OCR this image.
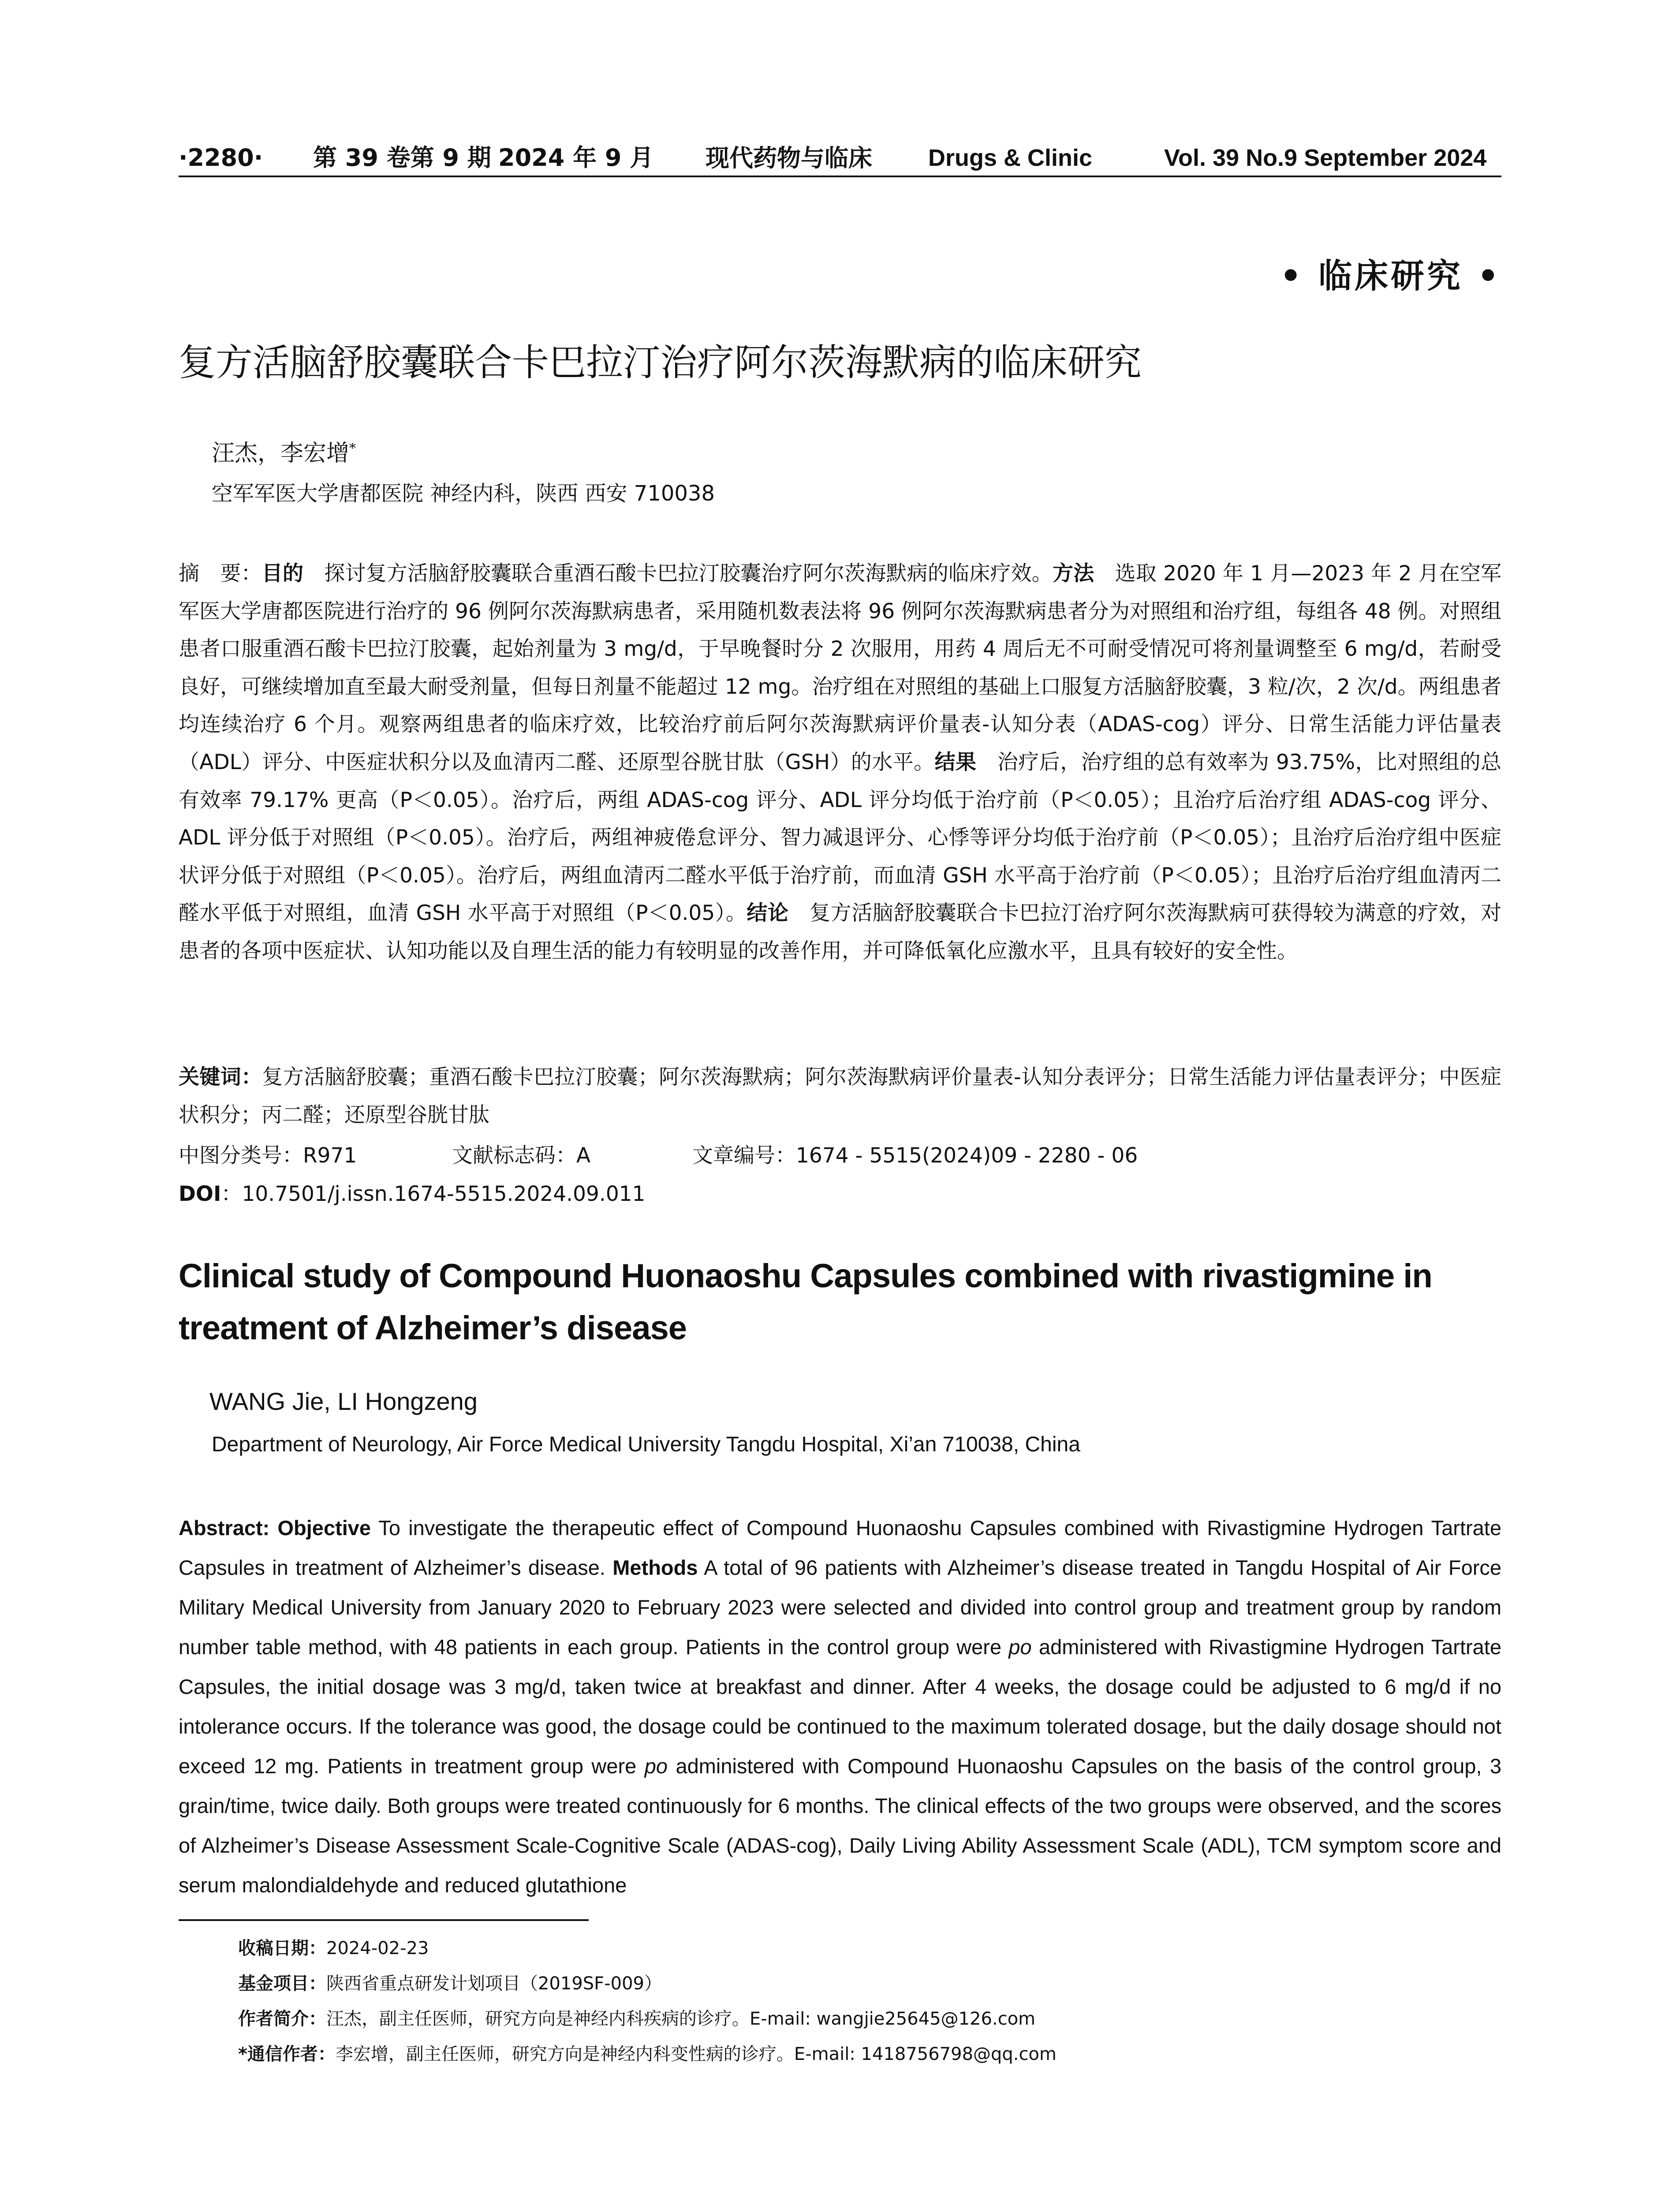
·2280· 第 39 卷第 9 期 2024 年 9 月 现代药物与临床 Drugs & Clinic	Vol. 39 No.9 September 2024
• 临床研究 •
复方活脑舒胶囊联合卡巴拉汀治疗阿尔茨海默病的临床研究
汪杰，李宏增*
空军军医大学唐都医院 神经内科，陕西 西安 710038
摘　要：目的　 探讨复方活脑舒胶囊联合重酒石酸卡巴拉汀胶囊治疗阿尔茨海默病的临床疗效。方法　 选取 2020 年 1 月—2023 年 2 月在空军军医大学唐都医院进行治疗的 96 例阿尔茨海默病患者，采用随机数表法将 96 例阿尔茨海默病患者分为对照组和治疗组，每组各 48 例。对照组患者口服重酒石酸卡巴拉汀胶囊，起始剂量为 3 mg/d，于早晚餐时分 2 次服用，用药 4 周后无不可耐受情况可将剂量调整至 6 mg/d，若耐受良好，可继续增加直至最大耐受剂量，但每日剂量不能超过 12 mg。治疗组在对照组的基础上口服复方活脑舒胶囊，3 粒/次，2 次/d。两组患者均连续治疗 6 个月。观察两组患者的临床疗效，比较治疗前后阿尔茨海默病评价量表-认知分表（ADAS-cog）评分、日常生活能力评估量表（ADL）评分、中医症状积分以及血清丙二醛、还原型谷胱甘肽（GSH）的水平。结果　 治疗后，治疗组的总有效率为 93.75%，比对照组的总有效率 79.17% 更高（P＜0.05）。治疗后，两组 ADAS-cog 评分、ADL 评分均低于治疗前（P＜0.05）；且治疗后治疗组 ADAS-cog 评分、ADL 评分低于对照组（P＜0.05）。治疗后，两组神疲倦怠评分、智力减退评分、心悸等评分均低于治疗前（P＜0.05）；且治疗后治疗组中医症状评分低于对照组（P＜0.05）。治疗后，两组血清丙二醛水平低于治疗前，而血清 GSH 水平高于治疗前（P＜0.05）；且治疗后治疗组血清丙二醛水平低于对照组，血清 GSH 水平高于对照组（P＜0.05）。结论　 复方活脑舒胶囊联合卡巴拉汀治疗阿尔茨海默病可获得较为满意的疗效，对患者的各项中医症状、认知功能以及自理生活的能力有较明显的改善作用，并可降低氧化应激水平，且具有较好的安全性。
关键词：复方活脑舒胶囊；重酒石酸卡巴拉汀胶囊；阿尔茨海默病；阿尔茨海默病评价量表-认知分表评分；日常生活能力评估量表评分；中医症状积分；丙二醛；还原型谷胱甘肽
中图分类号：R971	文献标志码：A	文章编号：1674 - 5515(2024)09 - 2280 - 06
DOI：10.7501/j.issn.1674-5515.2024.09.011
Clinical study of Compound Huonaoshu Capsules combined with rivastigmine in treatment of Alzheimer’s disease
WANG Jie, LI Hongzeng
Department of Neurology, Air Force Medical University Tangdu Hospital, Xi’an 710038, China
Abstract: Objective To investigate the therapeutic effect of Compound Huonaoshu Capsules combined with Rivastigmine Hydrogen Tartrate Capsules in treatment of Alzheimer’s disease. Methods A total of 96 patients with Alzheimer’s disease treated in Tangdu Hospital of Air Force Military Medical University from January 2020 to February 2023 were selected and divided into control group and treatment group by random number table method, with 48 patients in each group. Patients in the control group were po administered with Rivastigmine Hydrogen Tartrate Capsules, the initial dosage was 3 mg/d, taken twice at breakfast and dinner. After 4 weeks, the dosage could be adjusted to 6 mg/d if no intolerance occurs. If the tolerance was good, the dosage could be continued to the maximum tolerated dosage, but the daily dosage should not exceed 12 mg. Patients in treatment group were po administered with Compound Huonaoshu Capsules on the basis of the control group, 3 grain/time, twice daily. Both groups were treated continuously for 6 months. The clinical effects of the two groups were observed, and the scores of Alzheimer’s Disease Assessment Scale-Cognitive Scale (ADAS-cog), Daily Living Ability Assessment Scale (ADL), TCM symptom score and serum malondialdehyde and reduced glutathione
收稿日期：2024-02-23
基金项目：陕西省重点研发计划项目（2019SF-009）
作者简介：汪杰，副主任医师，研究方向是神经内科疾病的诊疗。E-mail: wangjie25645@126.com
*通信作者：李宏增，副主任医师，研究方向是神经内科变性病的诊疗。E-mail: 1418756798@qq.com
